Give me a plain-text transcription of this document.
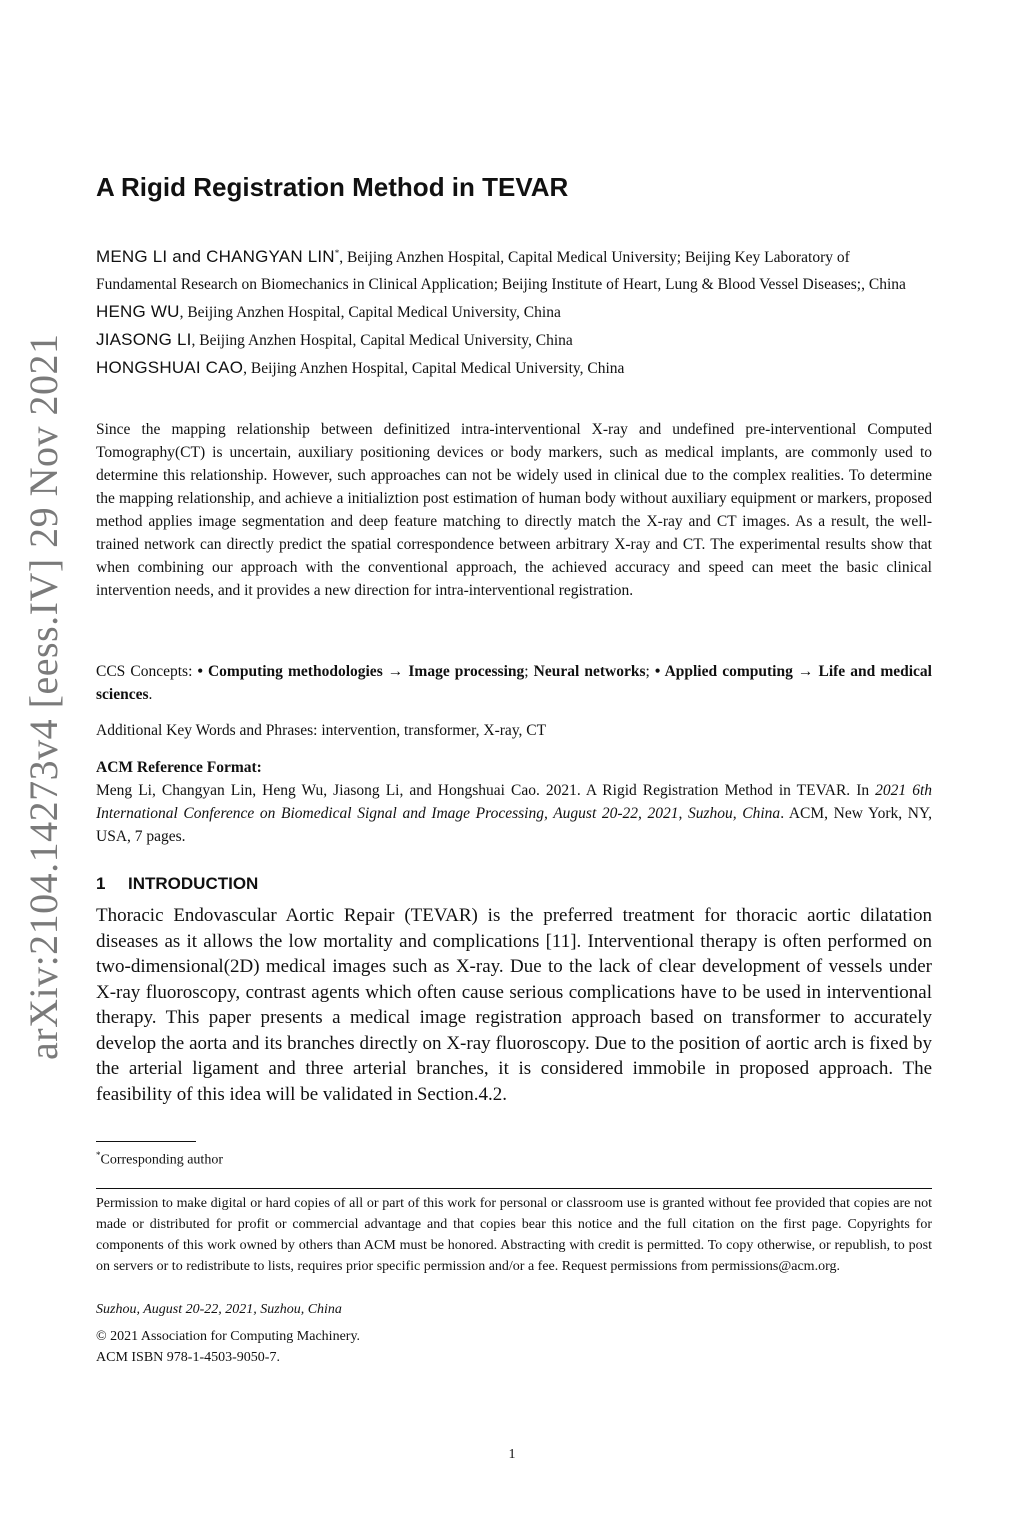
arXiv:2104.14273v4 [eess.IV] 29 Nov 2021
A Rigid Registration Method in TEVAR

MENG LI and CHANGYAN LIN*, Beijing Anzhen Hospital, Capital Medical University; Beijing Key Laboratory of Fundamental Research on Biomechanics in Clinical Application; Beijing Institute of Heart, Lung & Blood Vessel Diseases;, China

HENG WU, Beijing Anzhen Hospital, Capital Medical University, China

JIASONG LI, Beijing Anzhen Hospital, Capital Medical University, China

HONGSHUAI CAO, Beijing Anzhen Hospital, Capital Medical University, China

Since the mapping relationship between definitized intra-interventional X-ray and undefined pre-interventional Computed Tomography(CT) is uncertain, auxiliary positioning devices or body markers, such as medical implants, are commonly used to determine this relationship. However, such approaches can not be widely used in clinical due to the complex realities. To determine the mapping relationship, and achieve a initializtion post estimation of human body without auxiliary equipment or markers, proposed method applies image segmentation and deep feature matching to directly match the X-ray and CT images. As a result, the well-trained network can directly predict the spatial correspondence between arbitrary X-ray and CT. The experimental results show that when combining our approach with the conventional approach, the achieved accuracy and speed can meet the basic clinical intervention needs, and it provides a new direction for intra-interventional registration.

CCS Concepts: • Computing methodologies → Image processing; Neural networks; • Applied computing → Life and medical sciences.

Additional Key Words and Phrases: intervention, transformer, X-ray, CT

ACM Reference Format:
Meng Li, Changyan Lin, Heng Wu, Jiasong Li, and Hongshuai Cao. 2021. A Rigid Registration Method in TEVAR. In 2021 6th International Conference on Biomedical Signal and Image Processing, August 20-22, 2021, Suzhou, China. ACM, New York, NY, USA, 7 pages.

1 INTRODUCTION

Thoracic Endovascular Aortic Repair (TEVAR) is the preferred treatment for thoracic aortic dilatation diseases as it allows the low mortality and complications [11]. Interventional therapy is often performed on two-dimensional(2D) medical images such as X-ray. Due to the lack of clear development of vessels under X-ray fluoroscopy, contrast agents which often cause serious complications have to be used in interventional therapy. This paper presents a medical image registration approach based on transformer to accurately develop the aorta and its branches directly on X-ray fluoroscopy. Due to the position of aortic arch is fixed by the arterial ligament and three arterial branches, it is considered immobile in proposed approach. The feasibility of this idea will be validated in Section.4.2.

*Corresponding author

Permission to make digital or hard copies of all or part of this work for personal or classroom use is granted without fee provided that copies are not made or distributed for profit or commercial advantage and that copies bear this notice and the full citation on the first page. Copyrights for components of this work owned by others than ACM must be honored. Abstracting with credit is permitted. To copy otherwise, or republish, to post on servers or to redistribute to lists, requires prior specific permission and/or a fee. Request permissions from permissions@acm.org.

Suzhou, August 20-22, 2021, Suzhou, China

© 2021 Association for Computing Machinery.
ACM ISBN 978-1-4503-9050-7.

1
